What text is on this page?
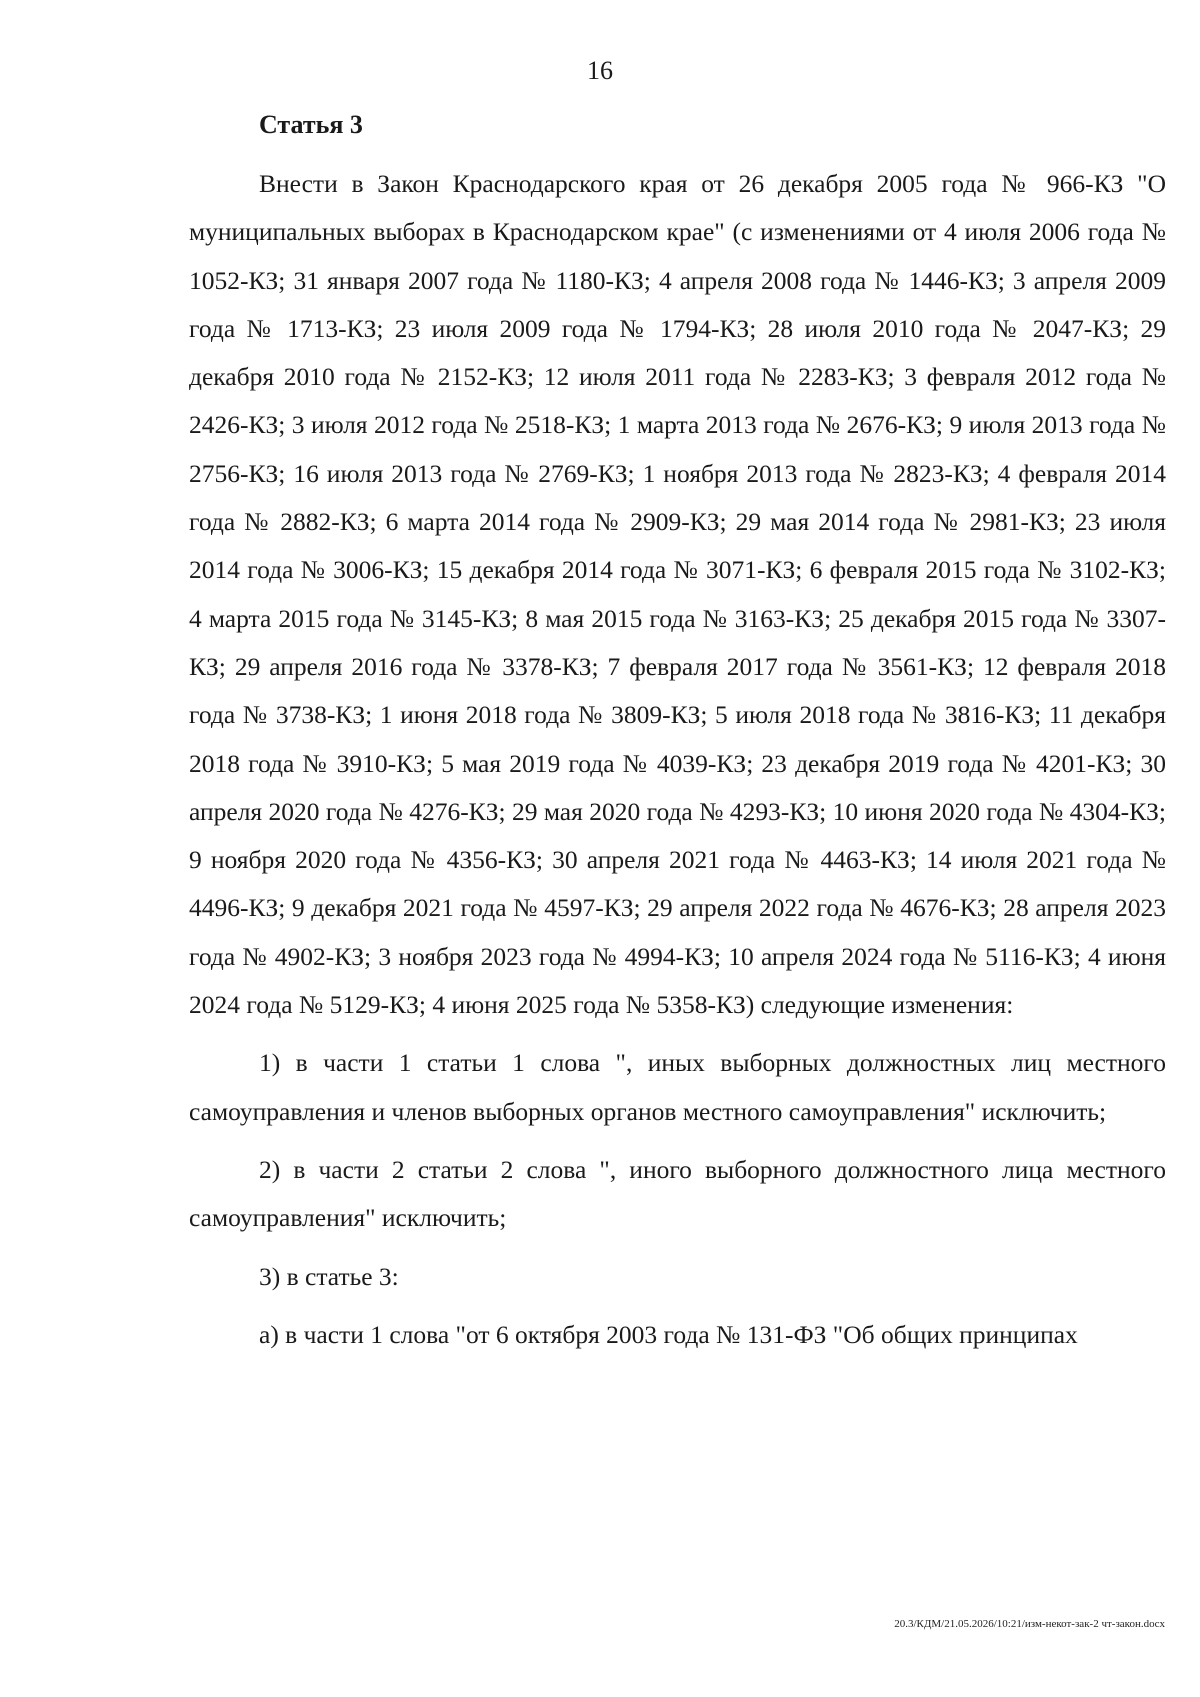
16
Статья 3

Внести в Закон Краснодарского края от 26 декабря 2005 года № 966-КЗ "О муниципальных выборах в Краснодарском крае" (с изменениями от 4 июля 2006 года № 1052-КЗ; 31 января 2007 года № 1180-КЗ; 4 апреля 2008 года № 1446-КЗ; 3 апреля 2009 года № 1713-КЗ; 23 июля 2009 года № 1794-КЗ; 28 июля 2010 года № 2047-КЗ; 29 декабря 2010 года № 2152-КЗ; 12 июля 2011 года № 2283-КЗ; 3 февраля 2012 года № 2426-КЗ; 3 июля 2012 года № 2518-КЗ; 1 марта 2013 года № 2676-КЗ; 9 июля 2013 года № 2756-КЗ; 16 июля 2013 года № 2769-КЗ; 1 ноября 2013 года № 2823-КЗ; 4 февраля 2014 года № 2882-КЗ; 6 марта 2014 года № 2909-КЗ; 29 мая 2014 года № 2981-КЗ; 23 июля 2014 года № 3006-КЗ; 15 декабря 2014 года № 3071-КЗ; 6 февраля 2015 года № 3102-КЗ; 4 марта 2015 года № 3145-КЗ; 8 мая 2015 года № 3163-КЗ; 25 декабря 2015 года № 3307-КЗ; 29 апреля 2016 года № 3378-КЗ; 7 февраля 2017 года № 3561-КЗ; 12 февраля 2018 года № 3738-КЗ; 1 июня 2018 года № 3809-КЗ; 5 июля 2018 года № 3816-КЗ; 11 декабря 2018 года № 3910-КЗ; 5 мая 2019 года № 4039-КЗ; 23 декабря 2019 года № 4201-КЗ; 30 апреля 2020 года № 4276-КЗ; 29 мая 2020 года № 4293-КЗ; 10 июня 2020 года № 4304-КЗ; 9 ноября 2020 года № 4356-КЗ; 30 апреля 2021 года № 4463-КЗ; 14 июля 2021 года № 4496-КЗ; 9 декабря 2021 года № 4597-КЗ; 29 апреля 2022 года № 4676-КЗ; 28 апреля 2023 года № 4902-КЗ; 3 ноября 2023 года № 4994-КЗ; 10 апреля 2024 года № 5116-КЗ; 4 июня 2024 года № 5129-КЗ; 4 июня 2025 года № 5358-КЗ) следующие изменения:

1) в части 1 статьи 1 слова ", иных выборных должностных лиц местного самоуправления и членов выборных органов местного самоуправления" исключить;

2) в части 2 статьи 2 слова ", иного выборного должностного лица местного самоуправления" исключить;

3) в статье 3:

а) в части 1 слова "от 6 октября 2003 года № 131-ФЗ "Об общих принципах

20.3/КДМ/21.05.2026/10:21/изм-некот-зак-2 чт-закон.docx
